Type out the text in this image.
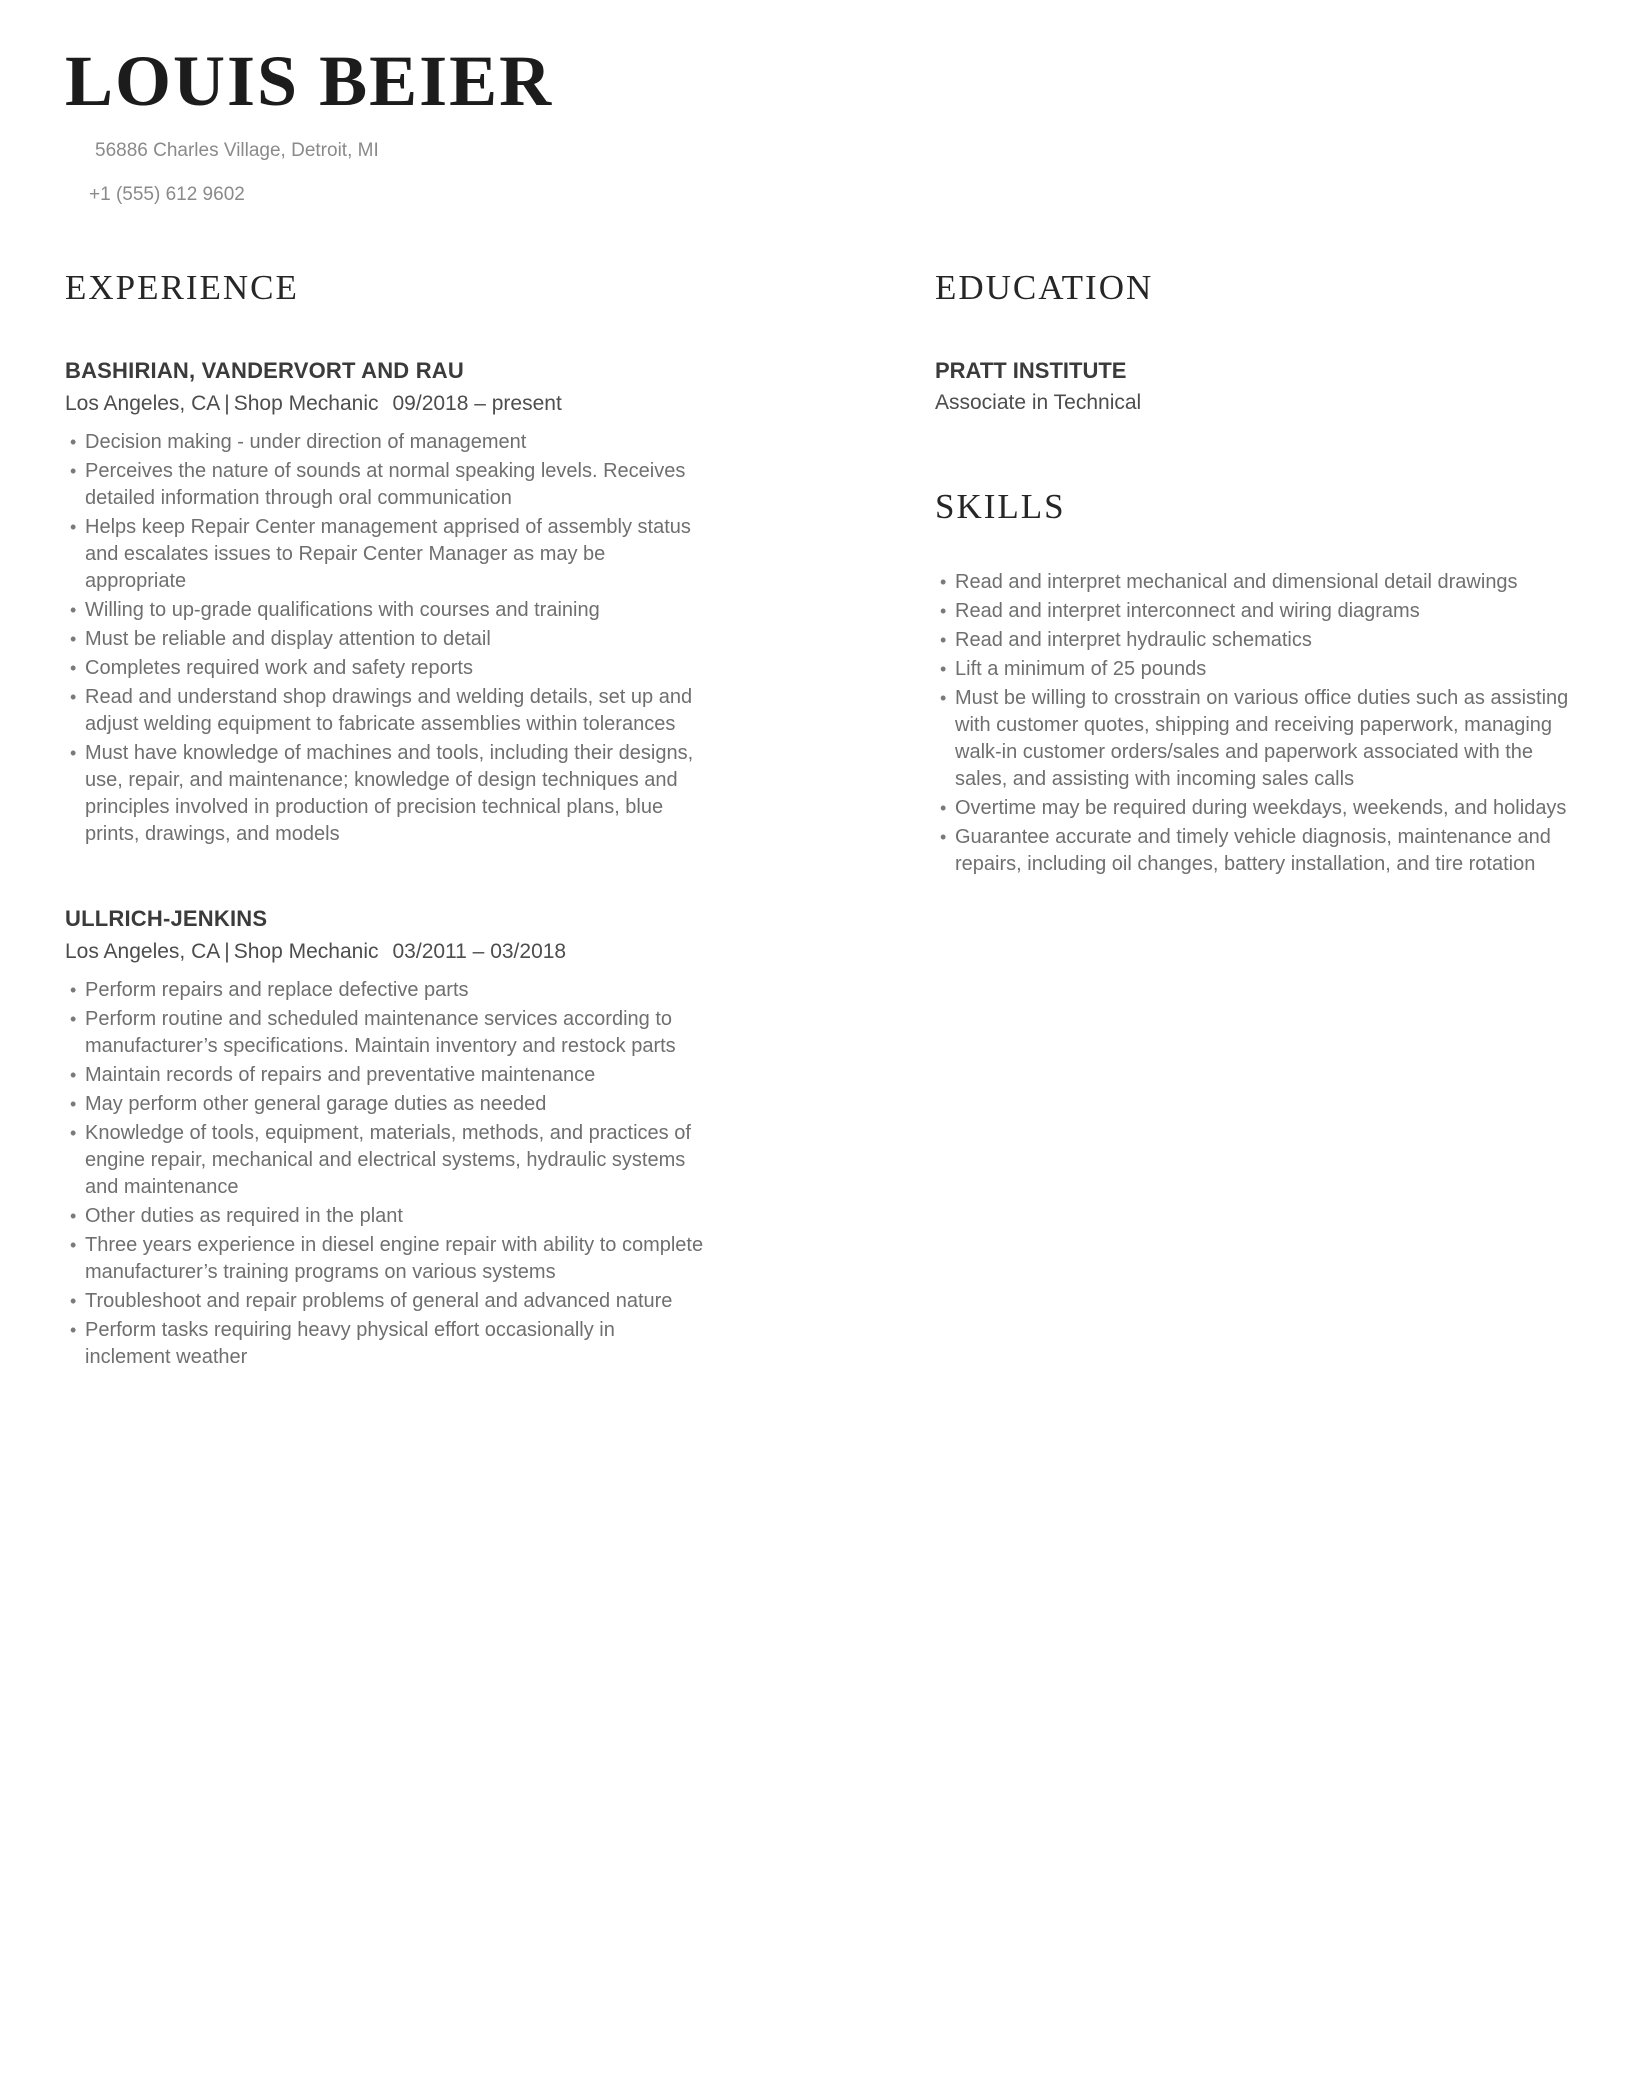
LOUIS BEIER
56886 Charles Village, Detroit, MI
+1 (555) 612 9602
EXPERIENCE
BASHIRIAN, VANDERVORT AND RAU
Los Angeles, CA | Shop Mechanic 09/2018 – present
• Decision making - under direction of management
• Perceives the nature of sounds at normal speaking levels. Receives detailed information through oral communication
• Helps keep Repair Center management apprised of assembly status and escalates issues to Repair Center Manager as may be appropriate
• Willing to up-grade qualifications with courses and training
• Must be reliable and display attention to detail
• Completes required work and safety reports
• Read and understand shop drawings and welding details, set up and adjust welding equipment to fabricate assemblies within tolerances
• Must have knowledge of machines and tools, including their designs, use, repair, and maintenance; knowledge of design techniques and principles involved in production of precision technical plans, blue prints, drawings, and models
ULLRICH-JENKINS
Los Angeles, CA | Shop Mechanic 03/2011 – 03/2018
• Perform repairs and replace defective parts
• Perform routine and scheduled maintenance services according to manufacturer’s specifications. Maintain inventory and restock parts
• Maintain records of repairs and preventative maintenance
• May perform other general garage duties as needed
• Knowledge of tools, equipment, materials, methods, and practices of engine repair, mechanical and electrical systems, hydraulic systems and maintenance
• Other duties as required in the plant
• Three years experience in diesel engine repair with ability to complete manufacturer’s training programs on various systems
• Troubleshoot and repair problems of general and advanced nature
• Perform tasks requiring heavy physical effort occasionally in inclement weather
EDUCATION
PRATT INSTITUTE
Associate in Technical
SKILLS
• Read and interpret mechanical and dimensional detail drawings
• Read and interpret interconnect and wiring diagrams
• Read and interpret hydraulic schematics
• Lift a minimum of 25 pounds
• Must be willing to crosstrain on various office duties such as assisting with customer quotes, shipping and receiving paperwork, managing walk-in customer orders/sales and paperwork associated with the sales, and assisting with incoming sales calls
• Overtime may be required during weekdays, weekends, and holidays
• Guarantee accurate and timely vehicle diagnosis, maintenance and repairs, including oil changes, battery installation, and tire rotation
